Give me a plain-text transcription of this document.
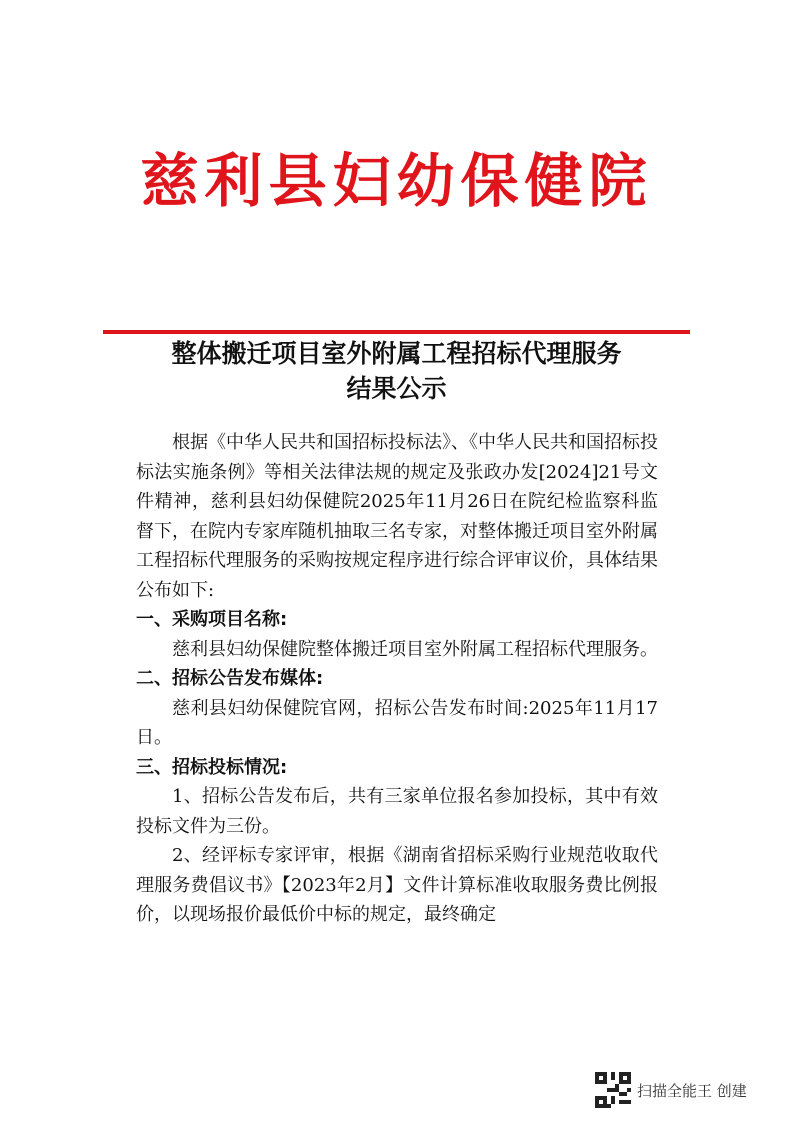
慈利县妇幼保健院
整体搬迁项目室外附属工程招标代理服务
结果公示

根据《中华人民共和国招标投标法》、《中华人民共和国招标投标法实施条例》等相关法律法规的规定及张政办发[2024]21号文件精神，慈利县妇幼保健院2025年11月26日在院纪检监察科监督下，在院内专家库随机抽取三名专家，对整体搬迁项目室外附属工程招标代理服务的采购按规定程序进行综合评审议价，具体结果公布如下:

一、采购项目名称:

慈利县妇幼保健院整体搬迁项目室外附属工程招标代理服务。

二、招标公告发布媒体:

慈利县妇幼保健院官网，招标公告发布时间:2025年11月17日。

三、招标投标情况:

1、招标公告发布后，共有三家单位报名参加投标，其中有效投标文件为三份。

2、经评标专家评审，根据《湖南省招标采购行业规范收取代理服务费倡议书》【2023年2月】文件计算标准收取服务费比例报价，以现场报价最低价中标的规定，最终确定

扫描全能王 创建
